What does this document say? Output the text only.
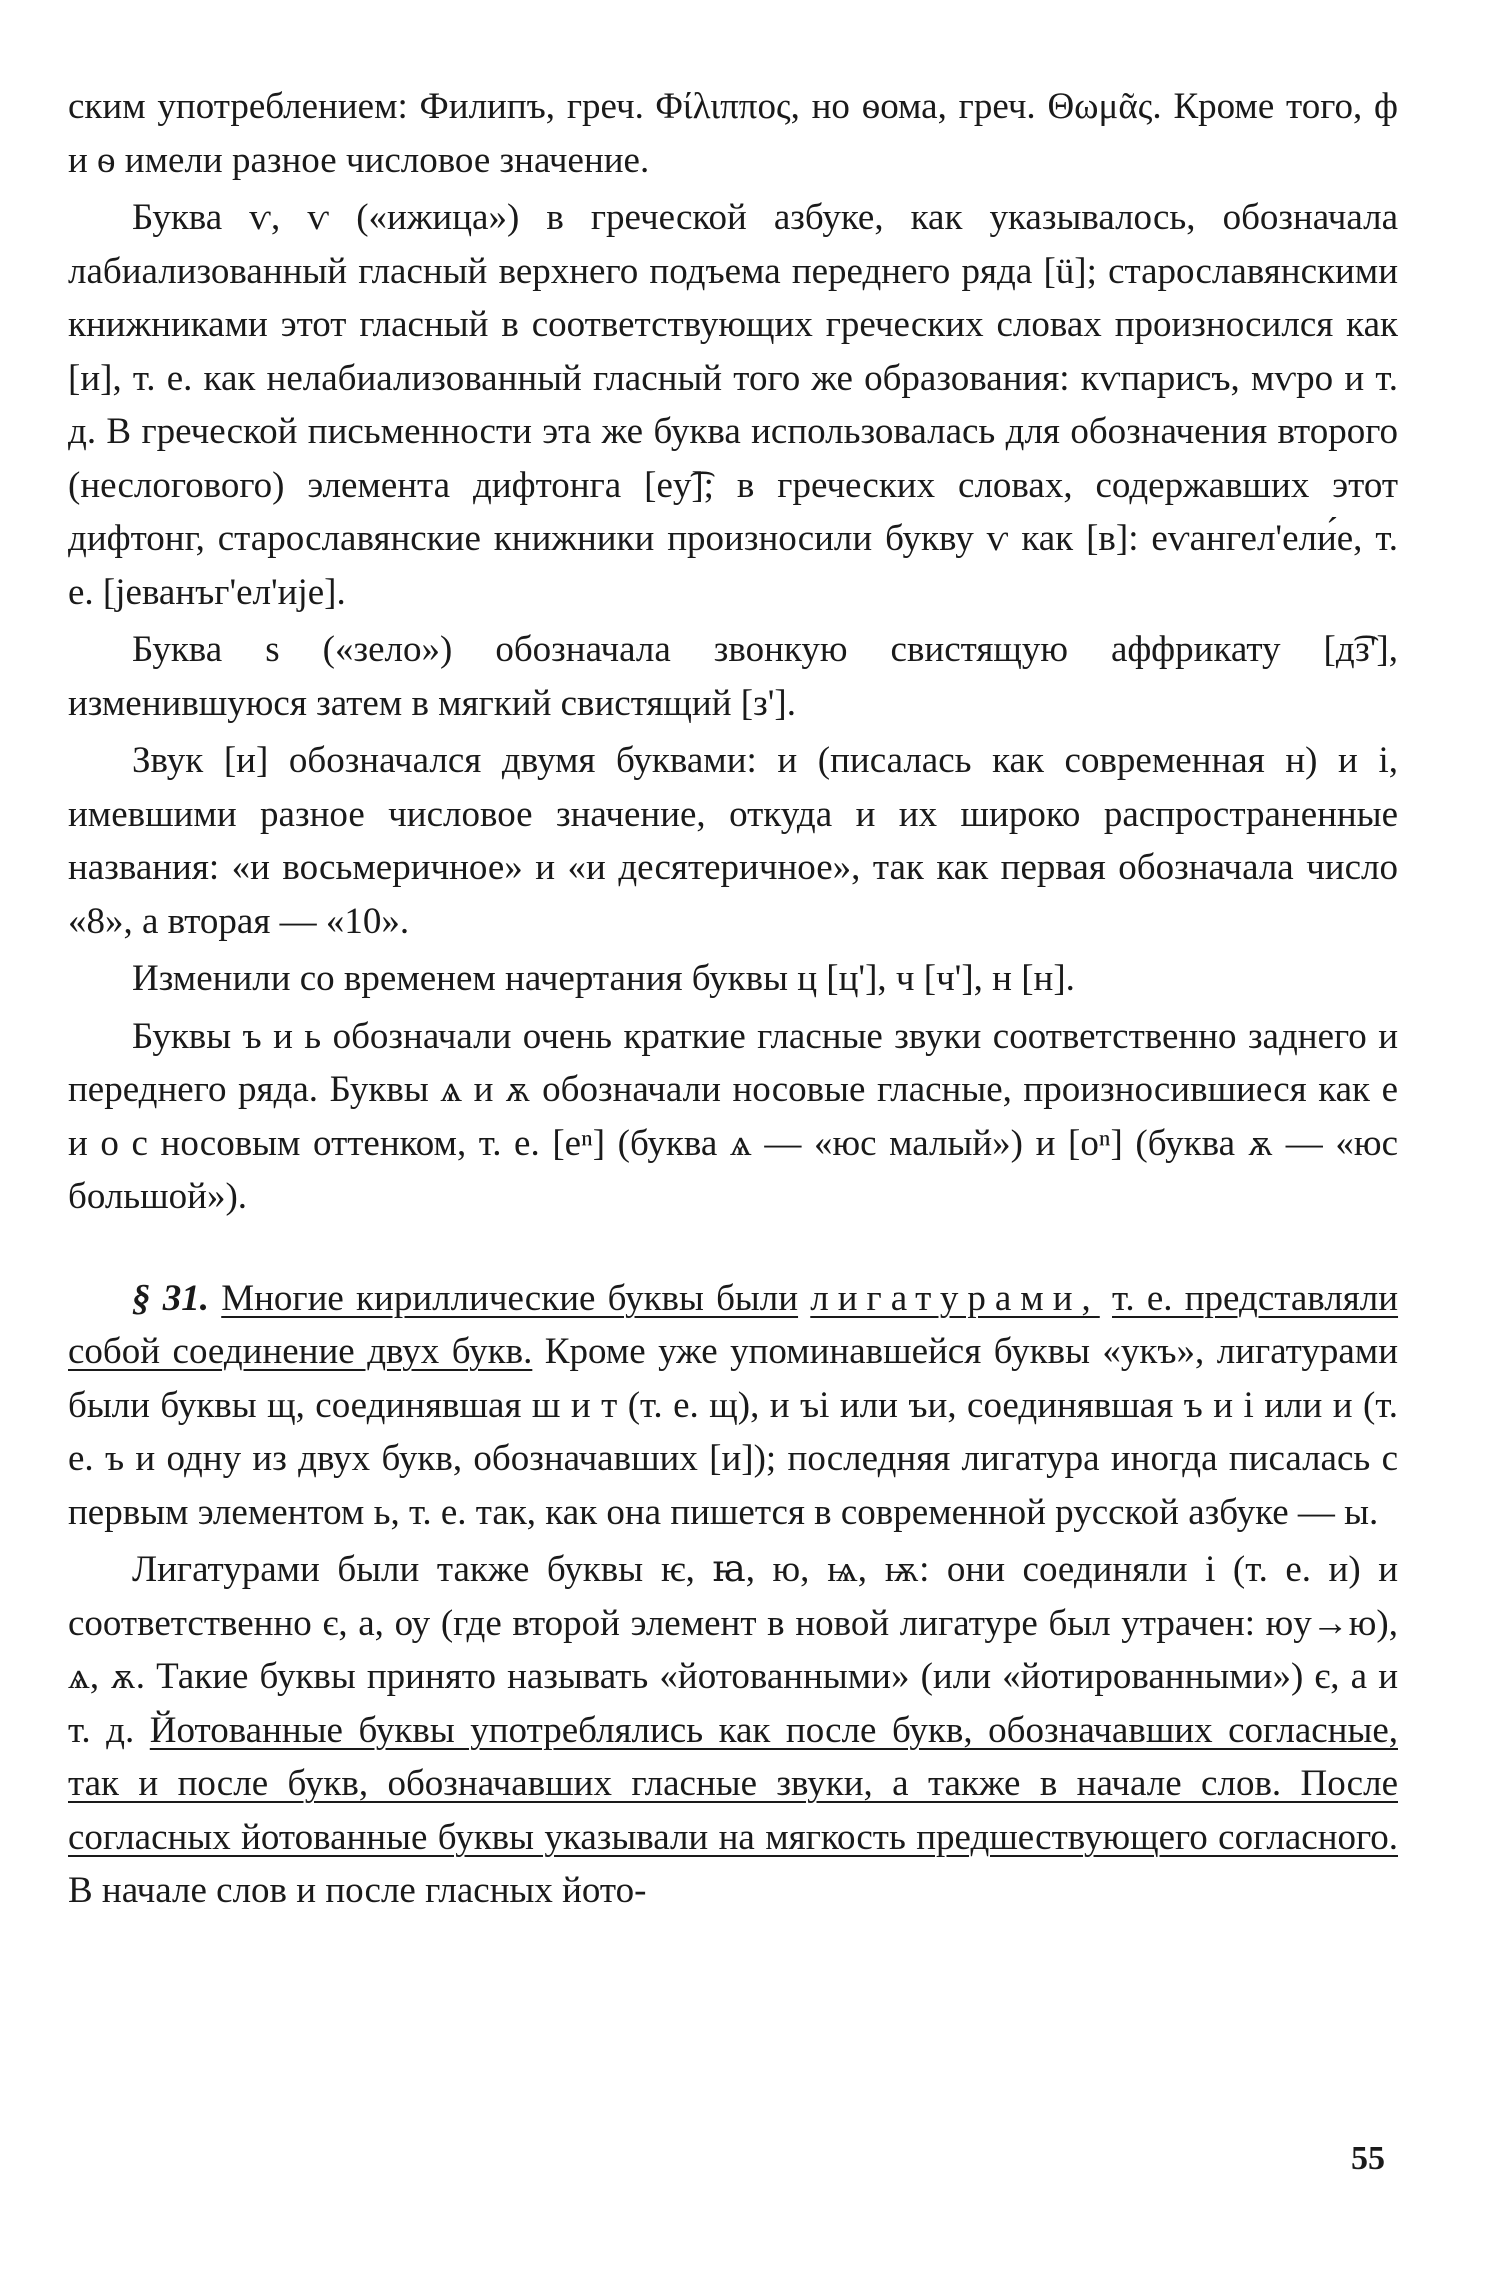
ским употреблением: Филипъ, греч. Φίλιππος, но ѳома, греч. Θωμᾶς. Кроме того, ф и ѳ имели разное числовое значение.

Буква ѵ, ѵ («ижица») в греческой азбуке, как указывалось, обозначала лабиализованный гласный верхнего подъема переднего ряда [ü]; старославянскими книжниками этот гласный в соответствующих греческих словах произносился как [и], т. е. как нелабиализованный гласный того же образования: кѵпарисъ, мѵро и т. д. В греческой письменности эта же буква использовалась для обозначения второго (неслогового) элемента дифтонга [eу͡]; в греческих словах, содержавших этот дифтонг, старославянские книжники произносили букву ѵ как [в]: еѵангел'ели́е, т. е. [јеванъг'ел'ије].

Буква ѕ («зело») обозначала звонкую свистящую аффрикату [д͡з'], изменившуюся затем в мягкий свистящий [з'].

Звук [и] обозначался двумя буквами: и (писалась как современная н) и і, имевшими разное числовое значение, откуда и их широко распространенные названия: «и восьмеричное» и «и десятеричное», так как первая обозначала число «8», а вторая — «10».

Изменили со временем начертания буквы ц [ц'], ч [ч'], н [н].

Буквы ъ и ь обозначали очень краткие гласные звуки соответственно заднего и переднего ряда. Буквы ѧ и ѫ обозначали носовые гласные, произносившиеся как е и о с носовым оттенком, т. е. [eⁿ] (буква ѧ — «юс малый») и [oⁿ] (буква ѫ — «юс большой»).

§ 31. Многие кириллические буквы были лигатурами, т. е. представляли собой соединение двух букв. Кроме уже упоминавшейся буквы «укъ», лигатурами были буквы щ, соединявшая ш и т (т. е. щ), и ъі или ъи, соединявшая ъ и і или и (т. е. ъ и одну из двух букв, обозначавших [и]); последняя лигатура иногда писалась с первым элементом ь, т. е. так, как она пишется в современной русской азбуке — ы.

Лигатурами были также буквы ѥ, ꙗ, ю, ѩ, ѭ: они соединяли і (т. е. и) и соответственно є, а, оу (где второй элемент в новой лигатуре был утрачен: юу→ю), ѧ, ѫ. Такие буквы принято называть «йотованными» (или «йотированными») є, а и т. д. Йотованные буквы употреблялись как после букв, обозначавших согласные, так и после букв, обозначавших гласные звуки, а также в начале слов. После согласных йотованные буквы указывали на мягкость предшествующего согласного. В начале слов и после гласных йото-

55
